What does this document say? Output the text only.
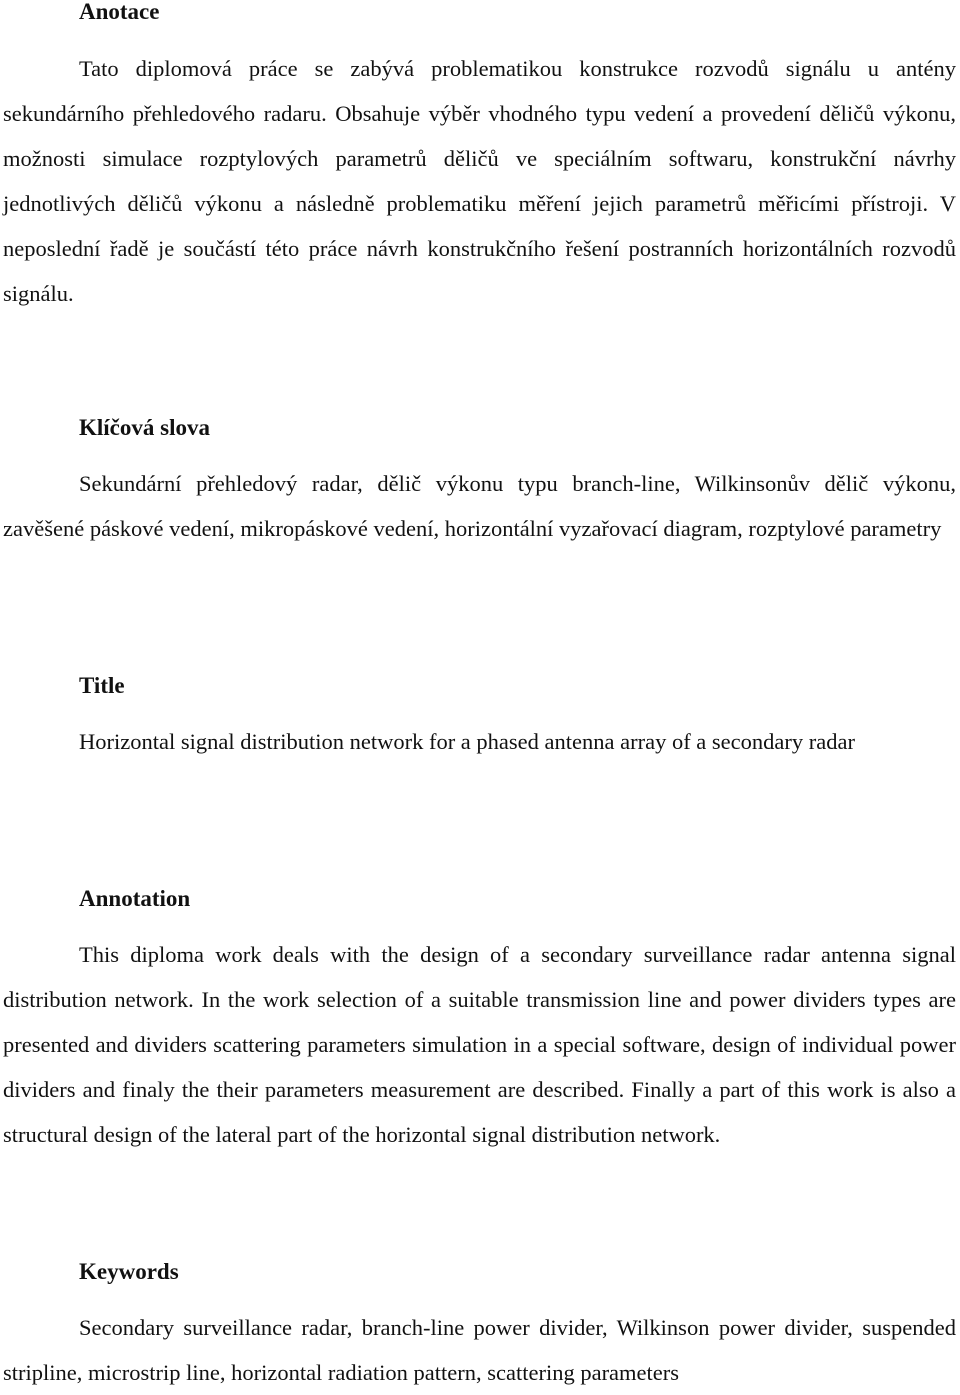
Anotace

Tato diplomová práce se zabývá problematikou konstrukce rozvodů signálu u antény sekundárního přehledového radaru. Obsahuje výběr vhodného typu vedení a provedení děličů výkonu, možnosti simulace rozptylových parametrů děličů ve speciálním softwaru, konstrukční návrhy jednotlivých děličů výkonu a následně problematiku měření jejich parametrů měřicími přístroji. V neposlední řadě je součástí této práce návrh konstrukčního řešení postranních horizontálních rozvodů signálu.

Klíčová slova

Sekundární přehledový radar, dělič výkonu typu branch-line, Wilkinsonův dělič výkonu, zavěšené páskové vedení, mikropáskové vedení, horizontální vyzařovací diagram, rozptylové parametry

Title

Horizontal signal distribution network for a phased antenna array of a secondary radar

Annotation

This diploma work deals with the design of a secondary surveillance radar antenna signal distribution network. In the work selection of a suitable transmission line and power dividers types are presented and dividers scattering parameters simulation in a special software, design of individual power dividers and finaly the their parameters measurement are described. Finally a part of this work is also a structural design of the lateral part of the horizontal signal distribution network.

Keywords

Secondary surveillance radar, branch-line power divider, Wilkinson power divider, suspended stripline, microstrip line, horizontal radiation pattern, scattering parameters
